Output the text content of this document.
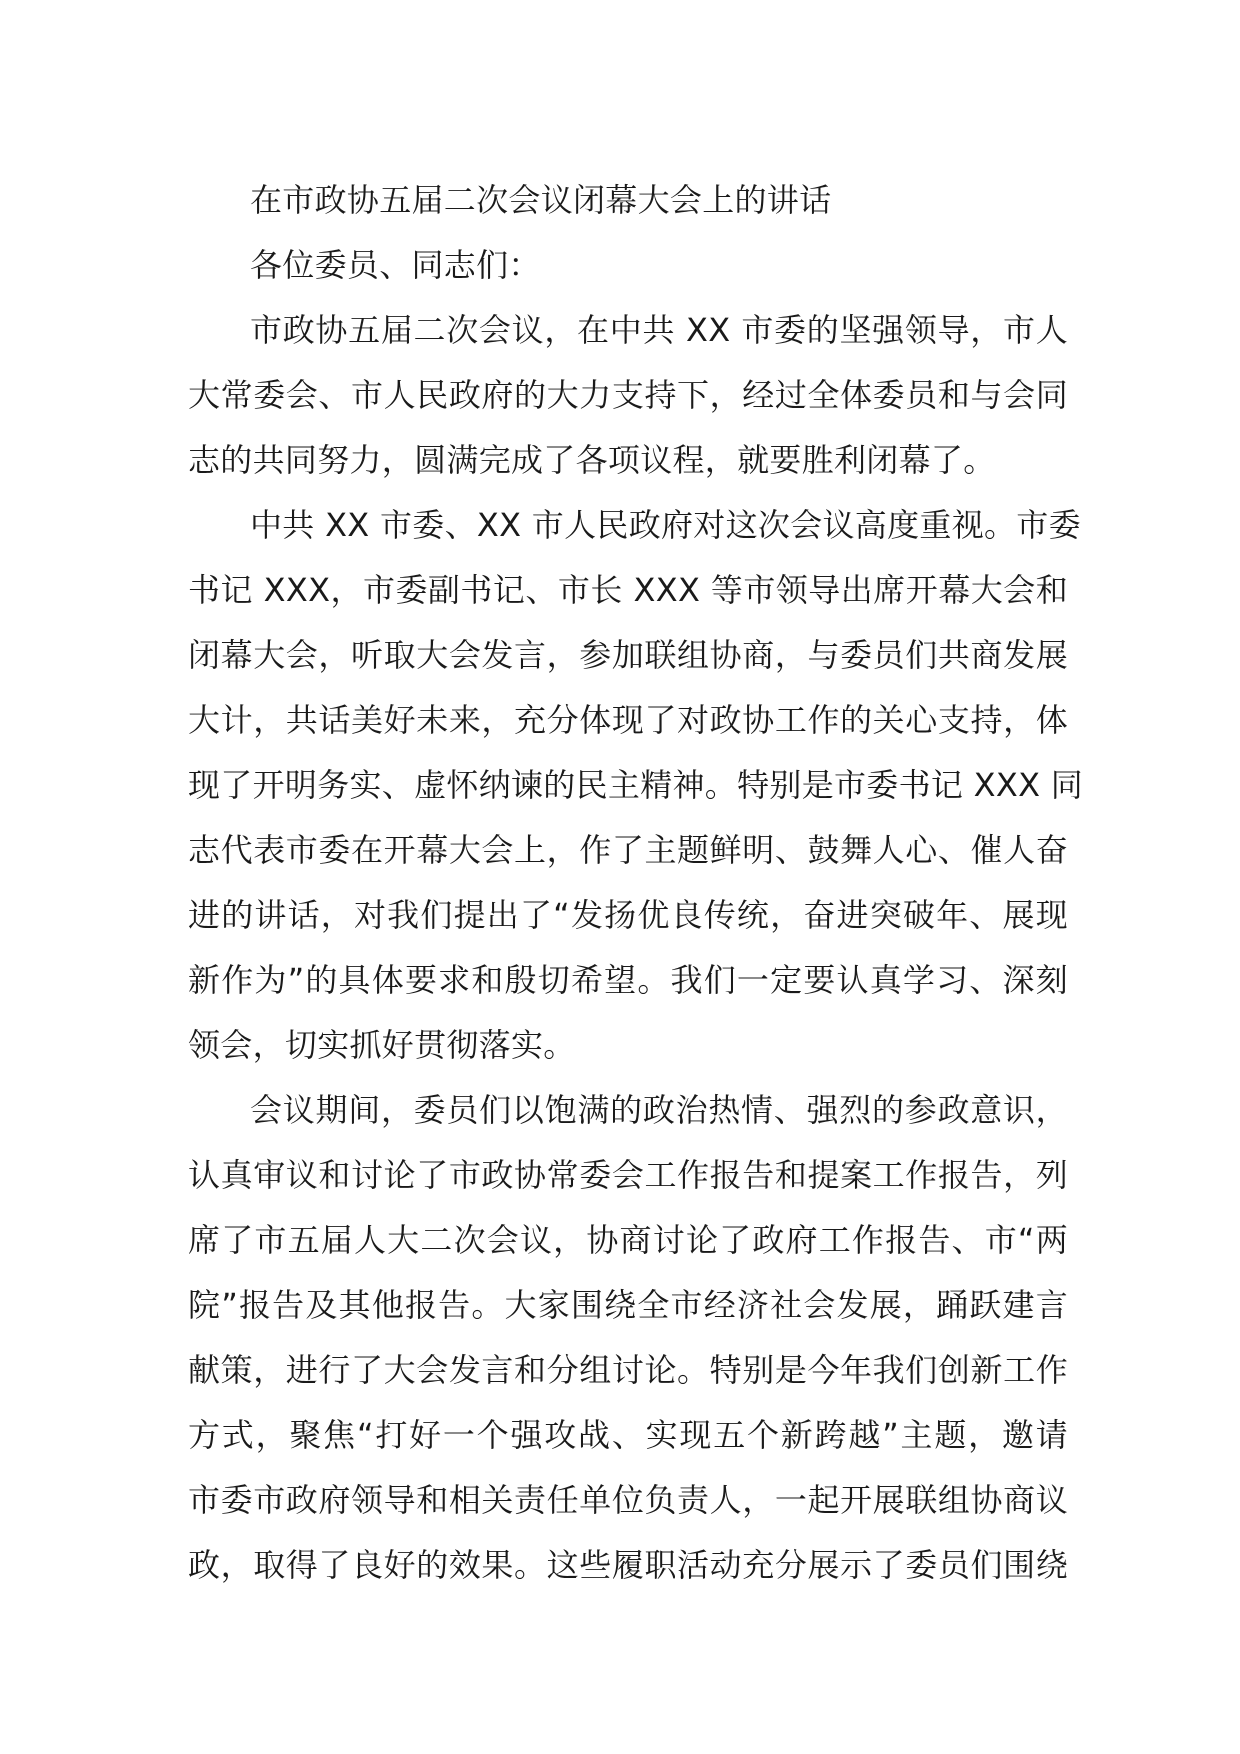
在市政协五届二次会议闭幕大会上的讲话
各位委员、同志们：
市政协五届二次会议，在中共 XX 市委的坚强领导，市人
大常委会、市人民政府的大力支持下，经过全体委员和与会同
志的共同努力，圆满完成了各项议程，就要胜利闭幕了。
中共 XX 市委、XX 市人民政府对这次会议高度重视。市委
书记 XXX，市委副书记、市长 XXX 等市领导出席开幕大会和
闭幕大会，听取大会发言，参加联组协商，与委员们共商发展
大计，共话美好未来，充分体现了对政协工作的关心支持，体
现了开明务实、虚怀纳谏的民主精神。特别是市委书记 XXX 同
志代表市委在开幕大会上，作了主题鲜明、鼓舞人心、催人奋
进的讲话，对我们提出了“发扬优良传统，奋进突破年、展现
新作为”的具体要求和殷切希望。我们一定要认真学习、深刻
领会，切实抓好贯彻落实。
会议期间，委员们以饱满的政治热情、强烈的参政意识，
认真审议和讨论了市政协常委会工作报告和提案工作报告，列
席了市五届人大二次会议，协商讨论了政府工作报告、市“两
院”报告及其他报告。大家围绕全市经济社会发展，踊跃建言
献策，进行了大会发言和分组讨论。特别是今年我们创新工作
方式，聚焦“打好一个强攻战、实现五个新跨越”主题，邀请
市委市政府领导和相关责任单位负责人，一起开展联组协商议
政，取得了良好的效果。这些履职活动充分展示了委员们围绕
